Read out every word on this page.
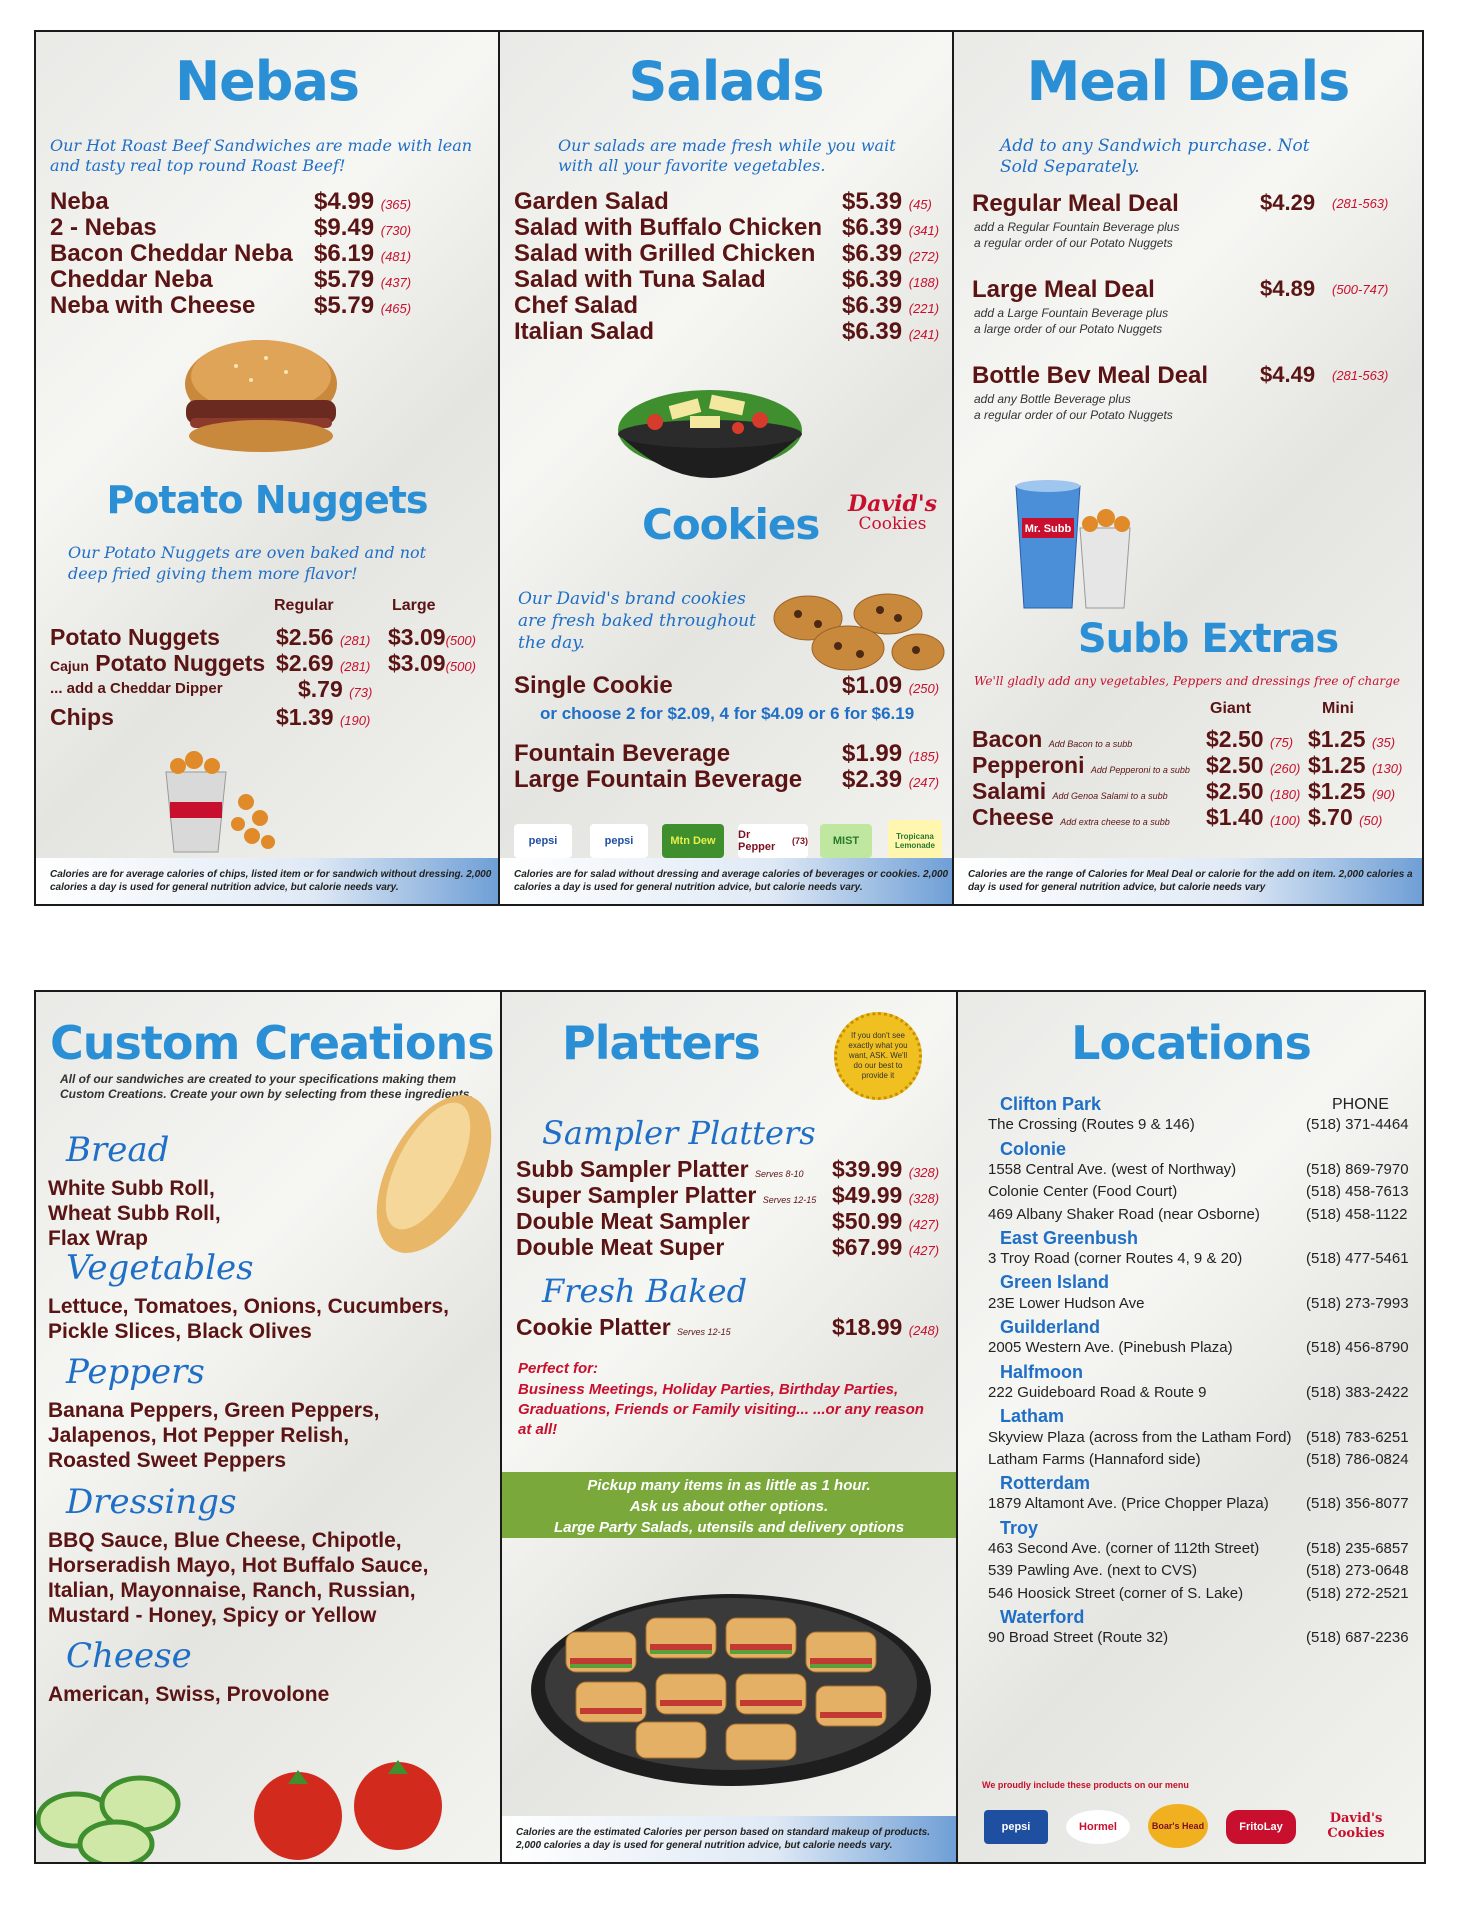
Nebas
Our Hot Roast Beef Sandwiches are made with lean and tasty real top round Roast Beef!
Neba	$4.99 (365)
2 - Nebas	$9.49 (730)
Bacon Cheddar Neba $6.19 (481)
Cheddar Neba	$5.79 (437)
Neba with Cheese $5.79 (465)
Potato Nuggets
Our Potato Nuggets are oven baked and not deep fried giving them more flavor!
Regular	Large
Potato Nuggets $2.56 (281) $3.09(500)
Cajun Potato Nuggets $2.69 (281) $3.09(500)
... add a Cheddar Dipper	$.79 (73)
Chips	$1.39 (190)
Calories are for average calories of chips, listed item or for sandwich without dressing. 2,000 calories a day is used for general nutrition advice, but calorie needs vary.
Salads
Our salads are made fresh while you wait with all your favorite vegetables.
Garden Salad	$5.39 (45)
Salad with Buffalo Chicken $6.39 (341)
Salad with Grilled Chicken $6.39 (272)
Salad with Tuna Salad	$6.39 (188)
Chef Salad	$6.39 (221)
Italian Salad	$6.39 (241)
Cookies	David's
Cookies
Our David's brand cookies are fresh baked throughout the day.
Single Cookie	$1.09 (250)
or choose 2 for $2.09, 4 for $4.09 or 6 for $6.19
Fountain Beverage	$1.99 (185)
Large Fountain Beverage $2.39 (247)
pepsi	pepsi	Mtn Dew	Dr Pepper
	(73)	MIST	Tropicana Lemonade
Calories are for salad without dressing and average calories of beverages or cookies. 2,000 calories a day is used for general nutrition advice, but calorie needs vary.
Meal Deals
Add to any Sandwich purchase. Not Sold Separately.
Regular Meal Deal	$4.29 (281-563)
add a Regular Fountain Beverage plus
a regular order of our Potato Nuggets
Large Meal Deal	$4.89 (500-747)
add a Large Fountain Beverage plus
a large order of our Potato Nuggets
Bottle Bev Meal Deal $4.49 (281-563)
add any Bottle Beverage plus
a regular order of our Potato Nuggets
Mr. Subb
Subb Extras
We'll gladly add any vegetables, Peppers and dressings free of charge
Giant	Mini
Bacon Add Bacon to a subb	$2.50 (75) $1.25 (35)
Pepperoni Add Pepperoni to a subb $2.50 (260) $1.25 (130)
Salami Add Genoa Salami to a subb $2.50 (180) $1.25 (90)
Cheese Add extra cheese to a subb $1.40 (100) $.70 (50)
Calories are the range of Calories for Meal Deal or calorie for the add on item. 2,000 calories a day is used for general nutrition advice, but calorie needs vary
Custom Creations
All of our sandwiches are created to your specifications making them Custom Creations. Create your own by selecting from these ingredients.
Bread
White Subb Roll, Wheat Subb Roll, Flax Wrap
Vegetables
Lettuce, Tomatoes, Onions, Cucumbers, Pickle Slices, Black Olives
Peppers
Banana Peppers, Green Peppers, Jalapenos, Hot Pepper Relish, Roasted Sweet Peppers
Dressings
BBQ Sauce, Blue Cheese, Chipotle, Horseradish Mayo, Hot Buffalo Sauce, Italian, Mayonnaise, Ranch, Russian, Mustard - Honey, Spicy or Yellow
Cheese
American, Swiss, Provolone
Platters	If you don't see exactly what you want, ASK. We'll do our best to provide it
Sampler Platters
Subb Sampler Platter Serves 8-10 $39.99 (328)
Super Sampler Platter Serves 12-15 $49.99 (328)
Double Meat Sampler	$50.99 (427)
Double Meat Super	$67.99 (427)
Fresh Baked
Cookie Platter Serves 12-15	$18.99 (248)
Perfect for:
Business Meetings, Holiday Parties, Birthday Parties, Graduations, Friends or Family visiting... ...or any reason at all!
Pickup many items in as little as 1 hour.
Ask us about other options.
Large Party Salads, utensils and delivery options
Calories are the estimated Calories per person based on standard makeup of products. 2,000 calories a day is used for general nutrition advice, but calorie needs vary.
Locations
PHONE
Clifton Park
The Crossing (Routes 9 & 146)	(518) 371-4464
Colonie
1558 Central Ave. (west of Northway)	(518) 869-7970
Colonie Center (Food Court)	(518) 458-7613
469 Albany Shaker Road (near Osborne)	(518) 458-1122
East Greenbush
3 Troy Road (corner Routes 4, 9 & 20)	(518) 477-5461
Green Island
23E Lower Hudson Ave	(518) 273-7993
Guilderland
2005 Western Ave. (Pinebush Plaza)	(518) 456-8790
Halfmoon
222 Guideboard Road & Route 9	(518) 383-2422
Latham
Skyview Plaza (across from the Latham Ford) (518) 783-6251
Latham Farms (Hannaford side)	(518) 786-0824
Rotterdam
1879 Altamont Ave. (Price Chopper Plaza) (518) 356-8077
Troy
463 Second Ave. (corner of 112th Street)	(518) 235-6857
539 Pawling Ave. (next to CVS)	(518) 273-0648
546 Hoosick Street (corner of S. Lake)	(518) 272-2521
Waterford
90 Broad Street (Route 32)	(518) 687-2236
We proudly include these products on our menu
pepsi	Hormel	Boar's Head	FritoLay
David's Cookies
